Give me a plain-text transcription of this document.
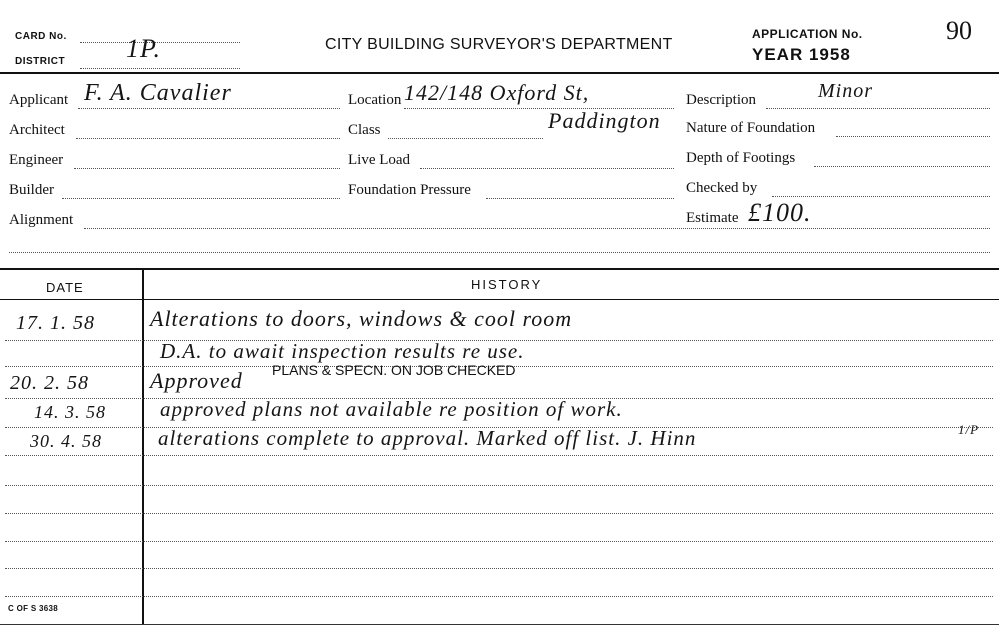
CARD No.
DISTRICT 1P.	CITY BUILDING SURVEYOR'S DEPARTMENT
APPLICATION No.
YEAR 1958
90
Applicant F. A. Cavalier
Architect
Engineer
Builder
Alignment
Location 142/148 Oxford St,
Paddington
Class
Live Load
Foundation Pressure
Description	Minor
Nature of Foundation
Depth of Footings
Checked by
Estimate £100.
DATE	HISTORY
17. 1. 58	Alterations to doors, windows & cool room
D.A. to await inspection results re use.
20. 2. 58	Approved PLANS & SPECN. ON JOB CHECKED
14. 3. 58	approved plans not available re position of work.
30. 4. 58	alterations complete to approval. Marked off list. J. Hinn	1/P
C OF S 3638
